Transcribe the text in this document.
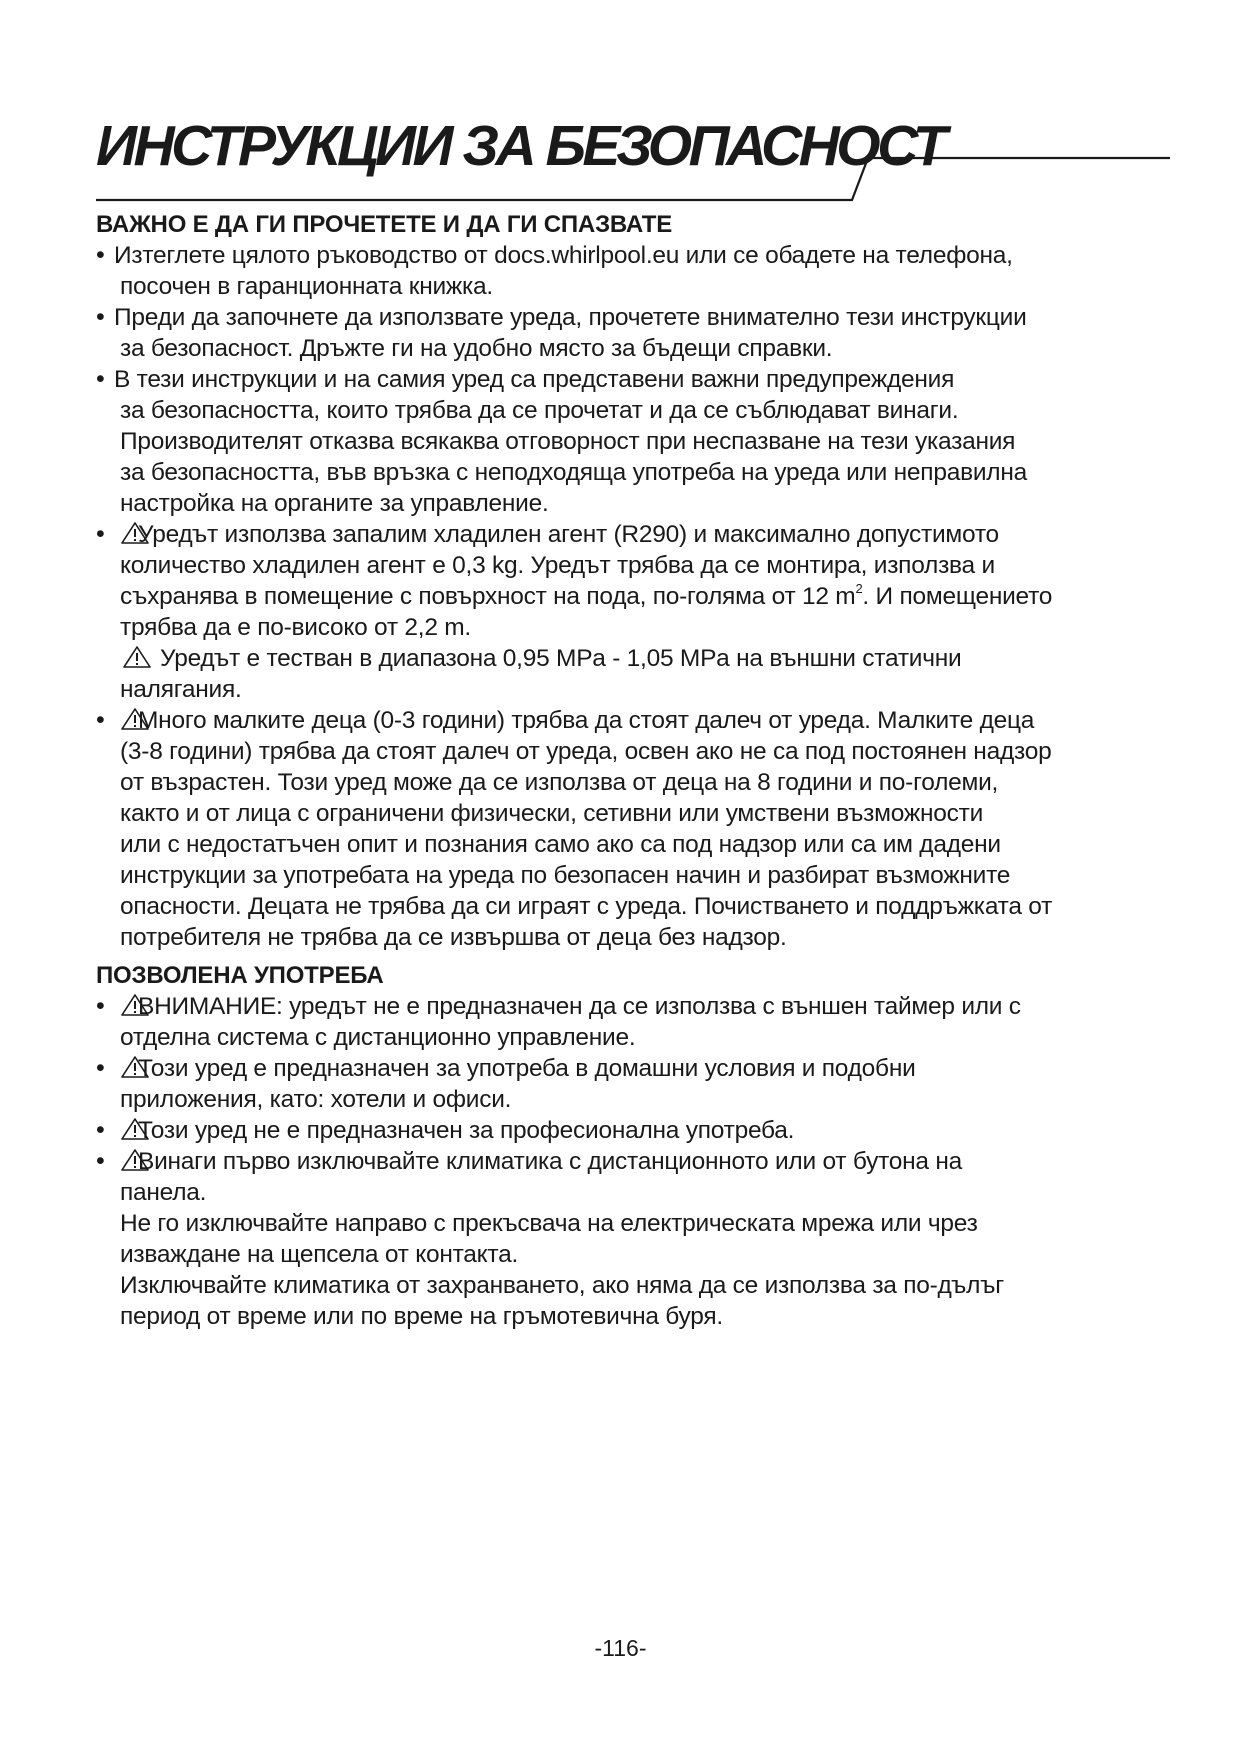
ИНСТРУКЦИИ ЗА БЕЗОПАСНОСТ
ВАЖНО Е ДА ГИ ПРОЧЕТЕТЕ И ДА ГИ СПАЗВАТЕ
• Изтеглете цялото ръководство от docs.whirlpool.eu или се обадете на телефона,
посочен в гаранционната книжка.
• Преди да започнете да използвате уреда, прочетете внимателно тези инструкции
за безопасност. Дръжте ги на удобно място за бъдещи справки.
• В тези инструкции и на самия уред са представени важни предупреждения
за безопасността, които трябва да се прочетат и да се съблюдават винаги.
Производителят отказва всякаква отговорност при неспазване на тези указания
за безопасността, във връзка с неподходяща употреба на уреда или неправилна
настройка на органите за управление.
•	Уредът използва запалим хладилен агент (R290) и максимално допустимото
количество хладилен агент е 0,3 kg. Уредът трябва да се монтира, използва и
съхранява в помещение с повърхност на пода, по-голяма от 12 $m^2$. И помещението
трябва да е по-високо от 2,2 m.
Уредът е тестван в диапазона 0,95 MPa - 1,05 MPa на външни статични
налягания.
•	Много малките деца (0-3 години) трябва да стоят далеч от уреда. Малките деца
(3-8 години) трябва да стоят далеч от уреда, освен ако не са под постоянен надзор
от възрастен. Този уред може да се използва от деца на 8 години и по-големи,
както и от лица с ограничени физически, сетивни или умствени възможности
или с недостатъчен опит и познания само ако са под надзор или са им дадени
инструкции за употребата на уреда по безопасен начин и разбират възможните
опасности. Децата не трябва да си играят с уреда. Почистването и поддръжката от
потребителя не трябва да се извършва от деца без надзор.
ПОЗВОЛЕНА УПОТРЕБА
•	ВНИМАНИЕ: уредът не е предназначен да се използва с външен таймер или с
отделна система с дистанционно управление.
•	Този уред е предназначен за употреба в домашни условия и подобни
приложения, като: хотели и офиси.
•	Този уред не е предназначен за професионална употреба.
•	Винаги първо изключвайте климатика с дистанционното или от бутона на
панела.
Не го изключвайте направо с прекъсвача на електрическата мрежа или чрез
изваждане на щепсела от контакта.
Изключвайте климатика от захранването, ако няма да се използва за по-дълъг
период от време или по време на гръмотевична буря.
-116-
